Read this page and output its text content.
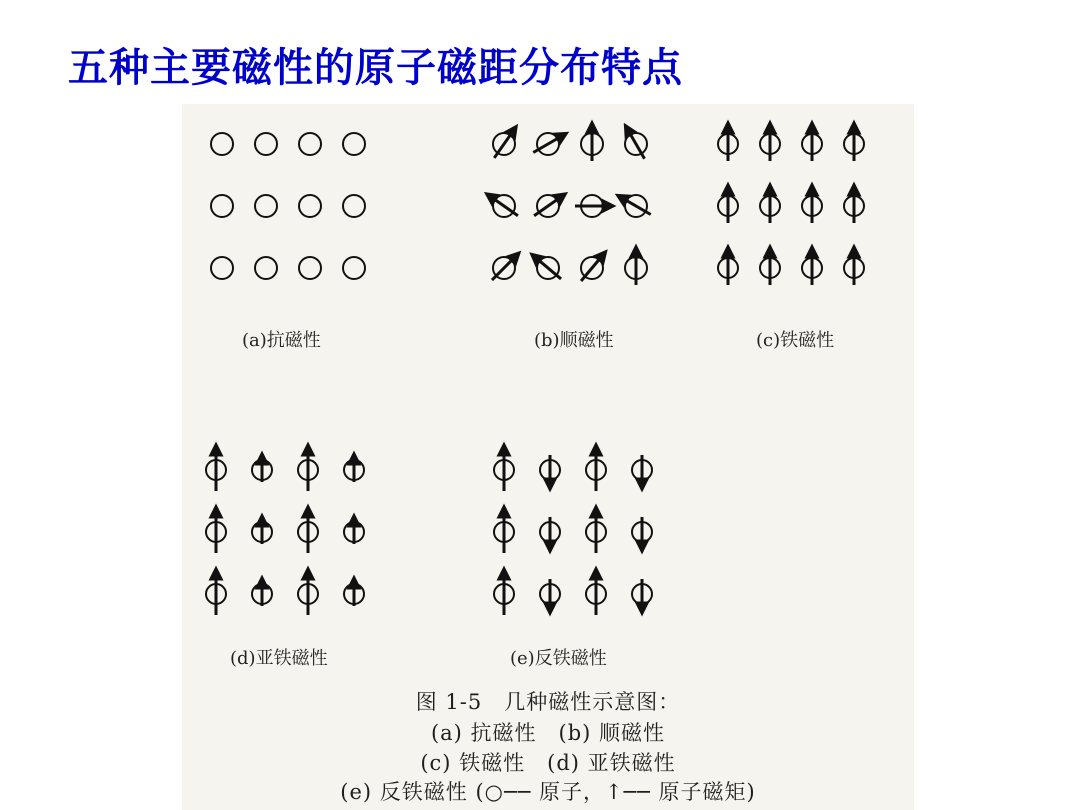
五种主要磁性的原子磁距分布特点
(a)抗磁性	(b)顺磁性	(c)铁磁性
(d)亚铁磁性	(e)反铁磁性
图 1-5　几种磁性示意图：
(a) 抗磁性　(b) 顺磁性
(c) 铁磁性　(d) 亚铁磁性
(e) 反铁磁性 (○── 原子，↑── 原子磁矩)
